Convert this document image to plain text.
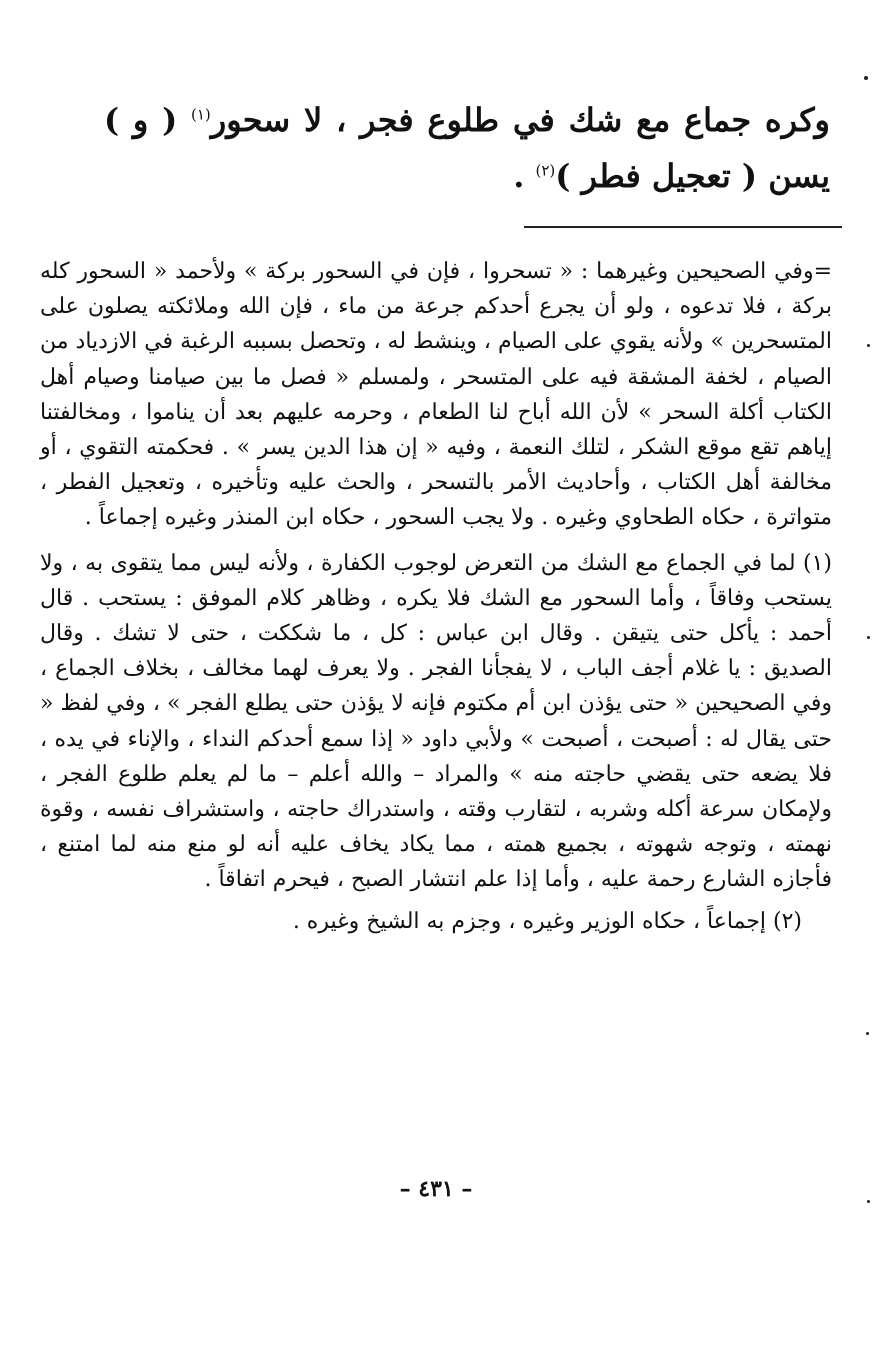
وكره جماع مع شك في طلوع فجر ، لا سحور$^{(١)}$ ( و ) يسن ( تعجيل فطر )$^{(٢)}$ .

=وفي الصحيحين وغيرهما : « تسحروا ، فإن في السحور بركة » ولأحمد « السحور كله بركة ، فلا تدعوه ، ولو أن يجرع أحدكم جرعة من ماء ، فإن الله وملائكته يصلون على المتسحرين » ولأنه يقوي على الصيام ، وينشط له ، وتحصل بسببه الرغبة في الازدياد من الصيام ، لخفة المشقة فيه على المتسحر ، ولمسلم « فصل ما بين صيامنا وصيام أهل الكتاب أكلة السحر » لأن الله أباح لنا الطعام ، وحرمه عليهم بعد أن يناموا ، ومخالفتنا إياهم تقع موقع الشكر ، لتلك النعمة ، وفيه « إن هذا الدين يسر » . فحكمته التقوي ، أو مخالفة أهل الكتاب ، وأحاديث الأمر بالتسحر ، والحث عليه وتأخيره ، وتعجيل الفطر ، متواترة ، حكاه الطحاوي وغيره . ولا يجب السحور ، حكاه ابن المنذر وغيره إجماعاً .

(١) لما في الجماع مع الشك من التعرض لوجوب الكفارة ، ولأنه ليس مما يتقوى به ، ولا يستحب وفاقاً ، وأما السحور مع الشك فلا يكره ، وظاهر كلام الموفق : يستحب . قال أحمد : يأكل حتى يتيقن . وقال ابن عباس : كل ، ما شككت ، حتى لا تشك . وقال الصديق : يا غلام أجف الباب ، لا يفجأنا الفجر . ولا يعرف لهما مخالف ، بخلاف الجماع ، وفي الصحيحين « حتى يؤذن ابن أم مكتوم فإنه لا يؤذن حتى يطلع الفجر » ، وفي لفظ « حتى يقال له : أصبحت ، أصبحت » ولأبي داود « إذا سمع أحدكم النداء ، والإناء في يده ، فلا يضعه حتى يقضي حاجته منه » والمراد – والله أعلم – ما لم يعلم طلوع الفجر ، ولإمكان سرعة أكله وشربه ، لتقارب وقته ، واستدراك حاجته ، واستشراف نفسه ، وقوة نهمته ، وتوجه شهوته ، بجميع همته ، مما يكاد يخاف عليه أنه لو منع منه لما امتنع ، فأجازه الشارع رحمة عليه ، وأما إذا علم انتشار الصبح ، فيحرم اتفاقاً .

(٢) إجماعاً ، حكاه الوزير وغيره ، وجزم به الشيخ وغيره .

– ٤٣١ –
